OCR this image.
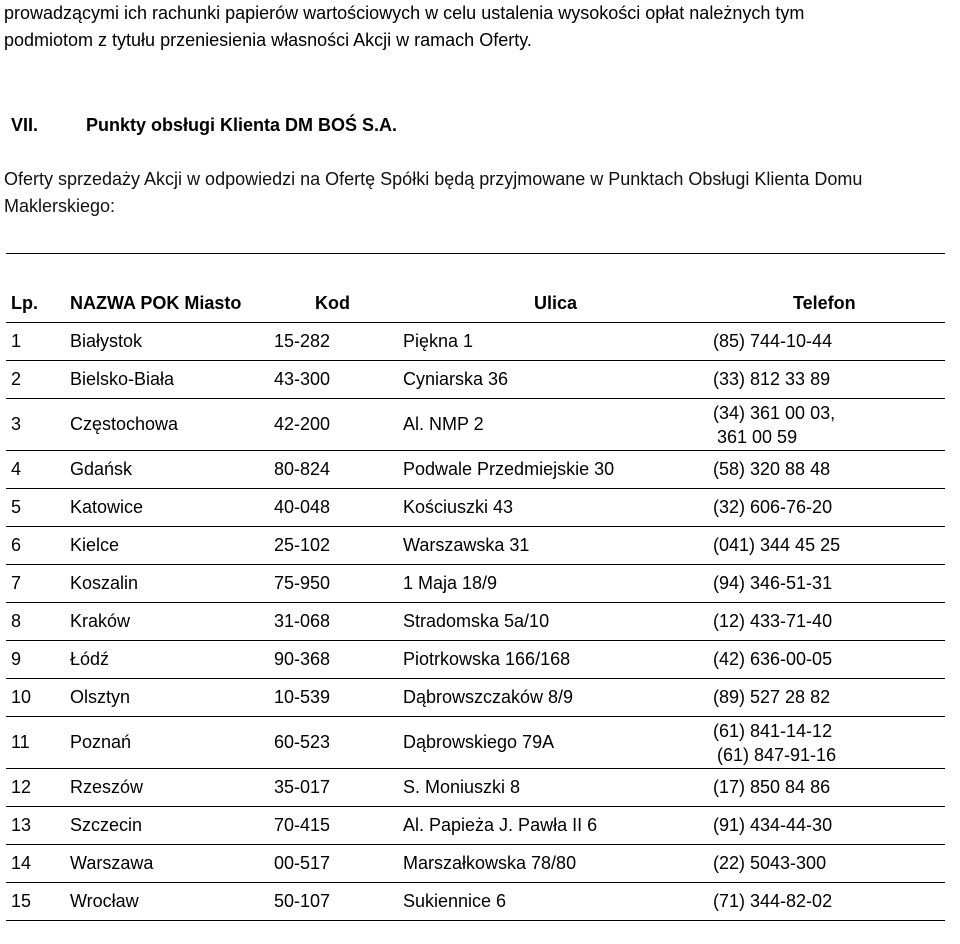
prowadzącymi ich rachunki papierów wartościowych w celu ustalenia wysokości opłat należnych tym
podmiotom z tytułu przeniesienia własności Akcji w ramach Oferty.
VII.	Punkty obsługi Klienta DM BOŚ S.A.
Oferty sprzedaży Akcji w odpowiedzi na Ofertę Spółki będą przyjmowane w Punktach Obsługi Klienta Domu Maklerskiego:
Lp. NAZWA POK Miasto	Kod	Ulica	Telefon
1	Białystok	15-282	Piękna 1	(85) 744-10-44
2	Bielsko-Biała	43-300	Cyniarska 36	(33) 812 33 89
3	Częstochowa	42-200	Al. NMP 2
(34) 361 00 03,
361 00 59
4	Gdańsk	80-824	Podwale Przedmiejskie 30	(58) 320 88 48
5	Katowice	40-048	Kościuszki 43	(32) 606-76-20
6	Kielce	25-102	Warszawska 31	(041) 344 45 25
7	Koszalin	75-950	1 Maja 18/9	(94) 346-51-31
8	Kraków	31-068	Stradomska 5a/10	(12) 433-71-40
9	Łódź	90-368	Piotrkowska 166/168	(42) 636-00-05
10 Olsztyn	10-539	Dąbrowszczaków 8/9	(89) 527 28 82
11 Poznań	60-523	Dąbrowskiego 79A
(61) 841-14-12
(61) 847-91-16
12 Rzeszów	35-017	S. Moniuszki 8	(17) 850 84 86
13 Szczecin	70-415	Al. Papieża J. Pawła II 6	(91) 434-44-30
14 Warszawa	00-517	Marszałkowska 78/80	(22) 5043-300
15 Wrocław	50-107	Sukiennice 6	(71) 344-82-02
